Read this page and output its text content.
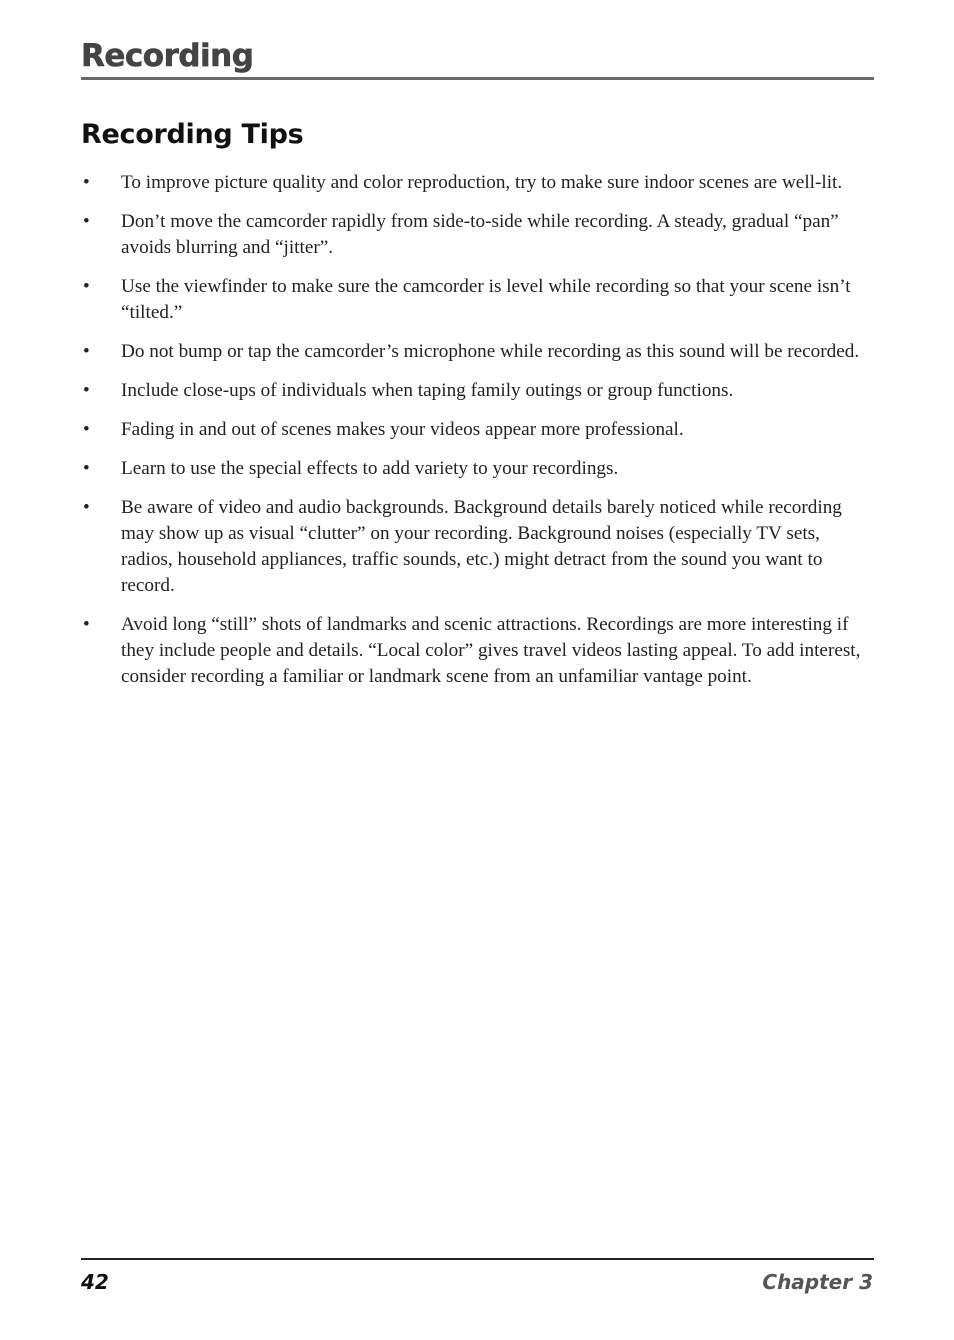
Recording
Recording Tips
• To improve picture quality and color reproduction, try to make sure indoor scenes are well-lit.
• Don’t move the camcorder rapidly from side-to-side while recording. A steady, gradual “pan” avoids blurring and “jitter”.
• Use the viewfinder to make sure the camcorder is level while recording so that your scene isn’t “tilted.”
• Do not bump or tap the camcorder’s microphone while recording as this sound will be recorded.
• Include close-ups of individuals when taping family outings or group functions.
• Fading in and out of scenes makes your videos appear more professional.
• Learn to use the special effects to add variety to your recordings.
• Be aware of video and audio backgrounds. Background details barely noticed while recording may show up as visual “clutter” on your recording. Background noises (especially TV sets, radios, household appliances, traffic sounds, etc.) might detract from the sound you want to record.
• Avoid long “still” shots of landmarks and scenic attractions. Recordings are more interesting if they include people and details. “Local color” gives travel videos lasting appeal. To add interest, consider recording a familiar or landmark scene from an unfamiliar vantage point.
42	Chapter 3
